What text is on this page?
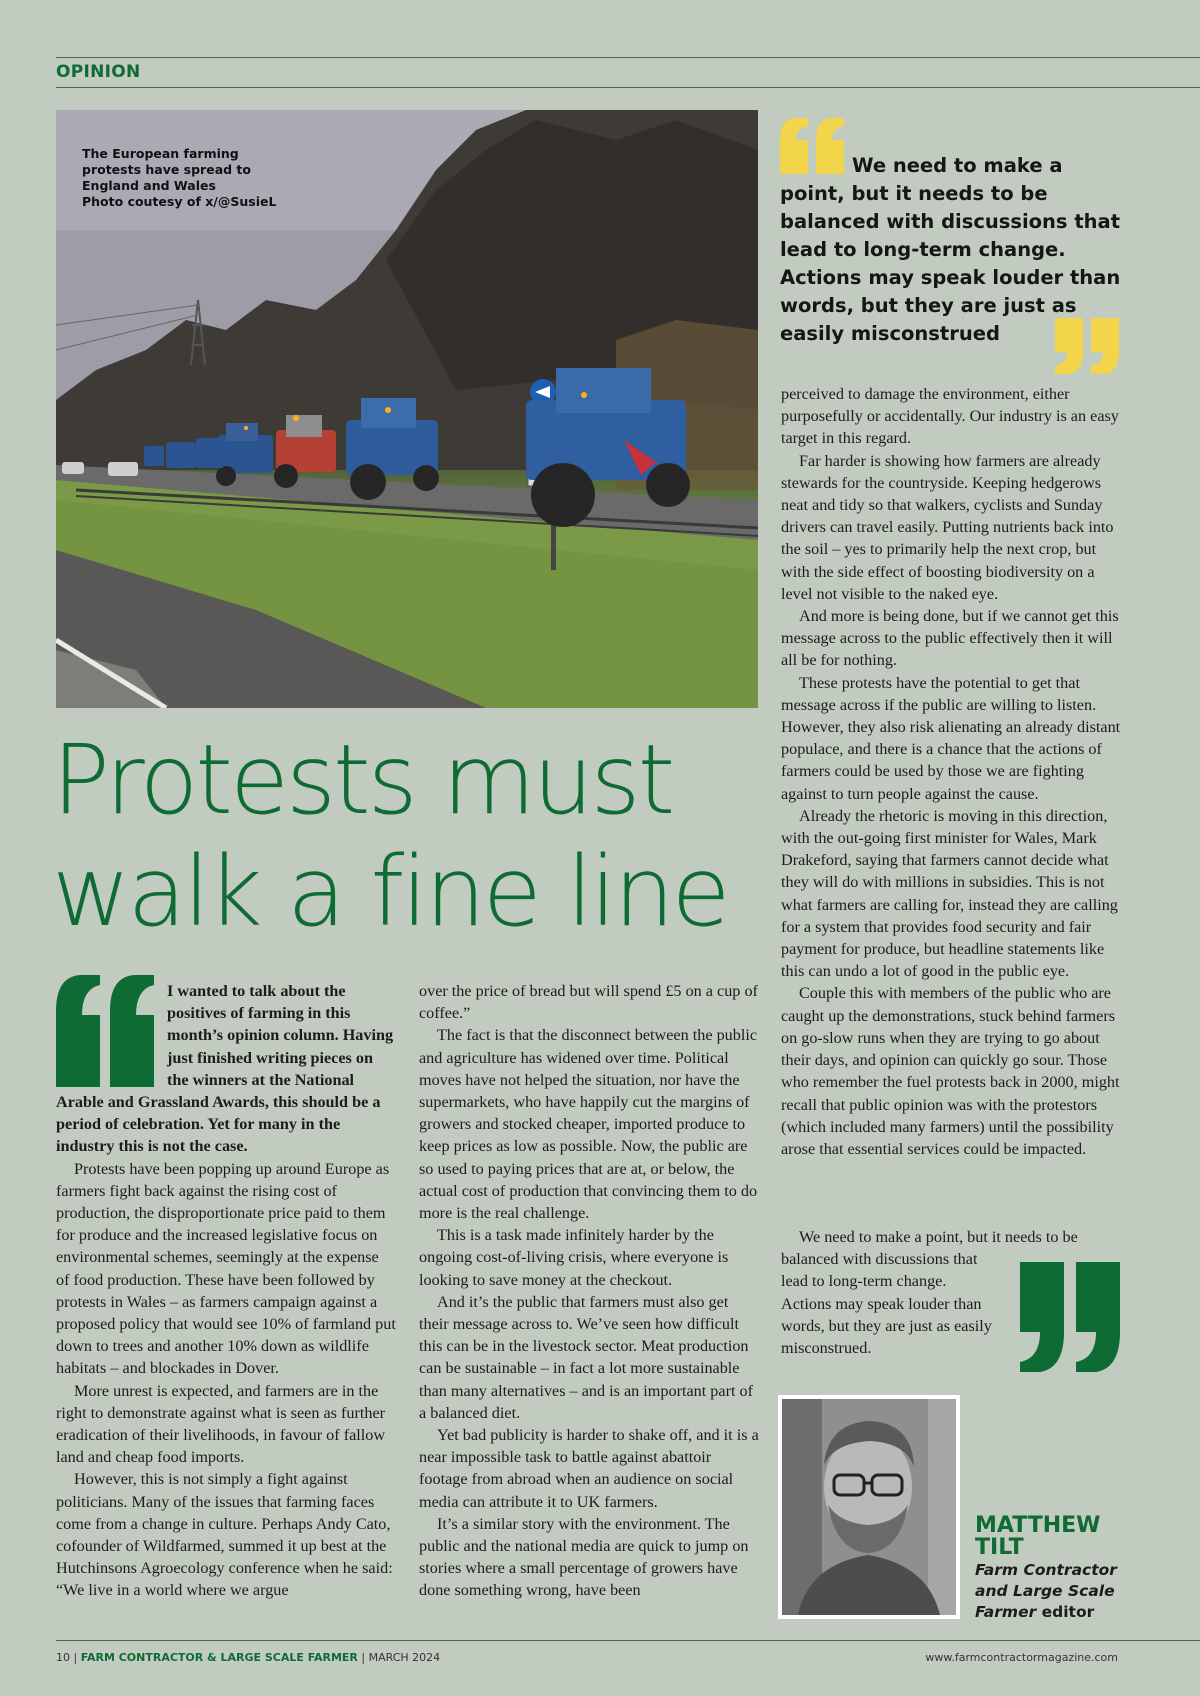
OPINION
The European farming
protests have spread to
England and Wales
Photo coutesy of x/@SusieL
We need to make a point, but it needs to be balanced with discussions that lead to long-term change. Actions may speak louder than words, but they are just as easily misconstrued
Protests must
walk a fine line

I wanted to talk about the positives of farming in this month’s opinion column. Having just finished writing pieces on the winners at the National Arable and Grassland Awards, this should be a period of celebration. Yet for many in the industry this is not the case.

Protests have been popping up around Europe as farmers fight back against the rising cost of production, the disproportionate price paid to them for produce and the increased legislative focus on environmental schemes, seemingly at the expense of food production. These have been followed by protests in Wales – as farmers campaign against a proposed policy that would see 10% of farmland put down to trees and another 10% down as wildlife habitats – and blockades in Dover.

More unrest is expected, and farmers are in the right to demonstrate against what is seen as further eradication of their livelihoods, in favour of fallow land and cheap food imports.

However, this is not simply a fight against politicians. Many of the issues that farming faces come from a change in culture. Perhaps Andy Cato, cofounder of Wildfarmed, summed it up best at the Hutchinsons Agroecology conference when he said: “We live in a world where we argue

over the price of bread but will spend £5 on a cup of coffee.”

The fact is that the disconnect between the public and agriculture has widened over time. Political moves have not helped the situation, nor have the supermarkets, who have happily cut the margins of growers and stocked cheaper, imported produce to keep prices as low as possible. Now, the public are so used to paying prices that are at, or below, the actual cost of production that convincing them to do more is the real challenge.

This is a task made infinitely harder by the ongoing cost-of-living crisis, where everyone is looking to save money at the checkout.

And it’s the public that farmers must also get their message across to. We’ve seen how difficult this can be in the livestock sector. Meat production can be sustainable – in fact a lot more sustainable than many alternatives – and is an important part of a balanced diet.

Yet bad publicity is harder to shake off, and it is a near impossible task to battle against abattoir footage from abroad when an audience on social media can attribute it to UK farmers.

It’s a similar story with the environment. The public and the national media are quick to jump on stories where a small percentage of growers have done something wrong, have been

perceived to damage the environment, either purposefully or accidentally. Our industry is an easy target in this regard.

Far harder is showing how farmers are already stewards for the countryside. Keeping hedgerows neat and tidy so that walkers, cyclists and Sunday drivers can travel easily. Putting nutrients back into the soil – yes to primarily help the next crop, but with the side effect of boosting biodiversity on a level not visible to the naked eye.

And more is being done, but if we cannot get this message across to the public effectively then it will all be for nothing.

These protests have the potential to get that message across if the public are willing to listen. However, they also risk alienating an already distant populace, and there is a chance that the actions of farmers could be used by those we are fighting against to turn people against the cause.

Already the rhetoric is moving in this direction, with the out-going first minister for Wales, Mark Drakeford, saying that farmers cannot decide what they will do with millions in subsidies. This is not what farmers are calling for, instead they are calling for a system that provides food security and fair payment for produce, but headline statements like this can undo a lot of good in the public eye.

Couple this with members of the public who are caught up the demonstrations, stuck behind farmers on go-slow runs when they are trying to go about their days, and opinion can quickly go sour. Those who remember the fuel protests back in 2000, might recall that public opinion was with the protestors (which included many farmers) until the possibility arose that essential services could be impacted.

We need to make a point, but it needs to be
balanced with discussions that
lead to long-term change.
Actions may speak louder than
words, but they are just as easily
misconstrued.
MATTHEW
TILT
Farm Contractor and Large Scale Farmer editor
10 | FARM CONTRACTOR & LARGE SCALE FARMER | MARCH 2024	www.farmcontractormagazine.com
